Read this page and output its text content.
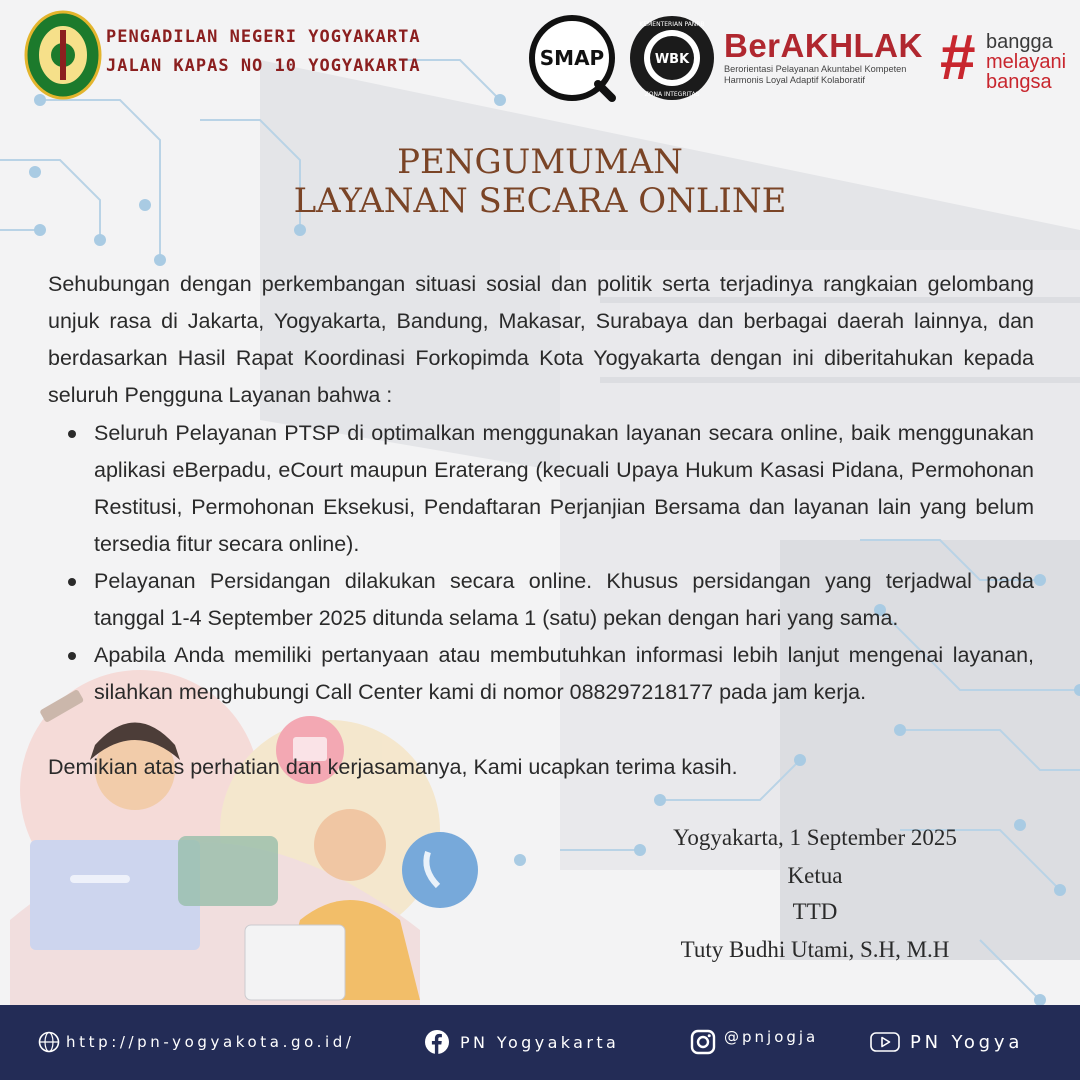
PENGADILAN NEGERI YOGYAKARTA
JALAN KAPAS NO 10 YOGYAKARTA	SMAP	WBK
KEMENTERIAN PANRB
ZONA INTEGRITAS
BerAKHLAK
Berorientasi Pelayanan Akuntabel Kompeten
Harmonis Loyal Adaptif Kolaboratif	# bangga
melayani
bangsa
PENGUMUMAN
LAYANAN SECARA ONLINE
Sehubungan dengan perkembangan situasi sosial dan politik serta terjadinya rangkaian gelombang unjuk rasa di Jakarta, Yogyakarta, Bandung, Makasar, Surabaya dan berbagai daerah lainnya, dan berdasarkan Hasil Rapat Koordinasi Forkopimda Kota Yogyakarta dengan ini diberitahukan kepada seluruh Pengguna Layanan bahwa :
Seluruh Pelayanan PTSP di optimalkan menggunakan layanan secara online, baik menggunakan aplikasi eBerpadu, eCourt maupun Eraterang (kecuali Upaya Hukum Kasasi Pidana, Permohonan Restitusi, Permohonan Eksekusi, Pendaftaran Perjanjian Bersama dan layanan lain yang belum tersedia fitur secara online).
Pelayanan Persidangan dilakukan secara online. Khusus persidangan yang terjadwal pada tanggal 1-4 September 2025 ditunda selama 1 (satu) pekan dengan hari yang sama.
Apabila Anda memiliki pertanyaan atau membutuhkan informasi lebih lanjut mengenai layanan, silahkan menghubungi Call Center kami di nomor 088297218177 pada jam kerja.
Demikian atas perhatian dan kerjasamanya, Kami ucapkan terima kasih.
Yogyakarta, 1 September 2025
Ketua
TTD
Tuty Budhi Utami, S.H, M.H
http://pn-yogyakota.go.id/	PN Yogyakarta	@pnjogja	PN Yogya
